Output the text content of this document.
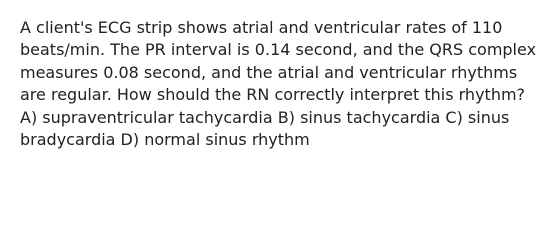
A client's ECG strip shows atrial and ventricular rates of 110
beats/min. The PR interval is 0.14 second, and the QRS complex
measures 0.08 second, and the atrial and ventricular rhythms
are regular. How should the RN correctly interpret this rhythm?
A) supraventricular tachycardia B) sinus tachycardia C) sinus
bradycardia D) normal sinus rhythm
